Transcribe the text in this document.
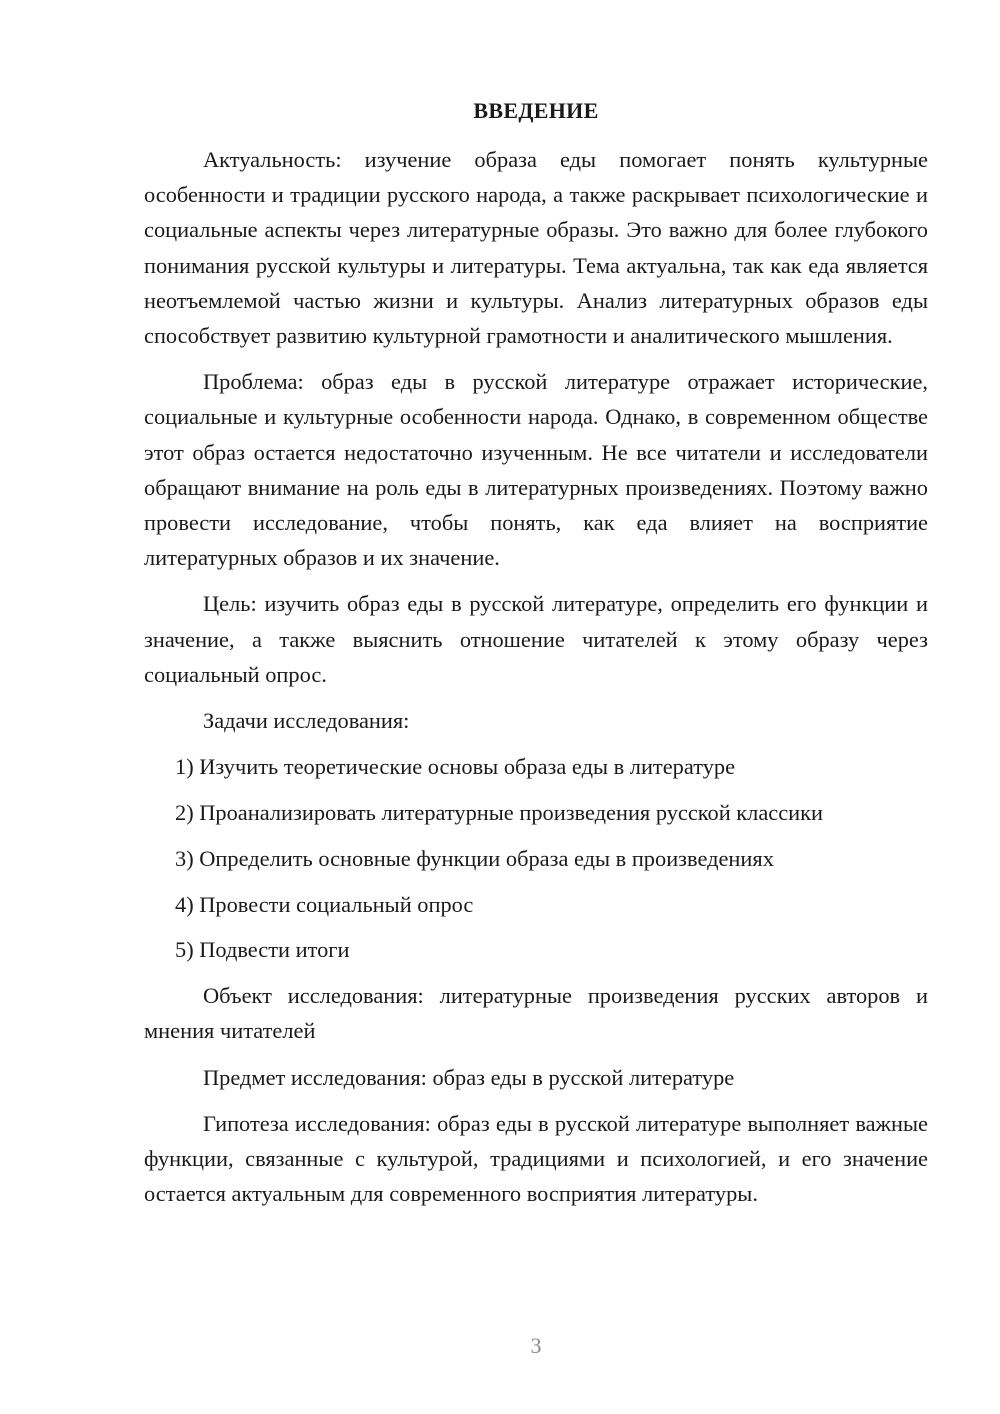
ВВЕДЕНИЕ

Актуальность: изучение образа еды помогает понять культурные особенности и традиции русского народа, а также раскрывает психологические и социальные аспекты через литературные образы. Это важно для более глубокого понимания русской культуры и литературы. Тема актуальна, так как еда является неотъемлемой частью жизни и культуры. Анализ литературных образов еды способствует развитию культурной грамотности и аналитического мышления.

Проблема: образ еды в русской литературе отражает исторические, социальные и культурные особенности народа. Однако, в современном обществе этот образ остается недостаточно изученным. Не все читатели и исследователи обращают внимание на роль еды в литературных произведениях. Поэтому важно провести исследование, чтобы понять, как еда влияет на восприятие литературных образов и их значение.

Цель: изучить образ еды в русской литературе, определить его функции и значение, а также выяснить отношение читателей к этому образу через социальный опрос.

Задачи исследования:

1) Изучить теоретические основы образа еды в литературе

2) Проанализировать литературные произведения русской классики

3) Определить основные функции образа еды в произведениях

4) Провести социальный опрос

5) Подвести итоги

Объект исследования: литературные произведения русских авторов и мнения читателей

Предмет исследования: образ еды в русской литературе

Гипотеза исследования: образ еды в русской литературе выполняет важные функции, связанные с культурой, традициями и психологией, и его значение остается актуальным для современного восприятия литературы.

3
